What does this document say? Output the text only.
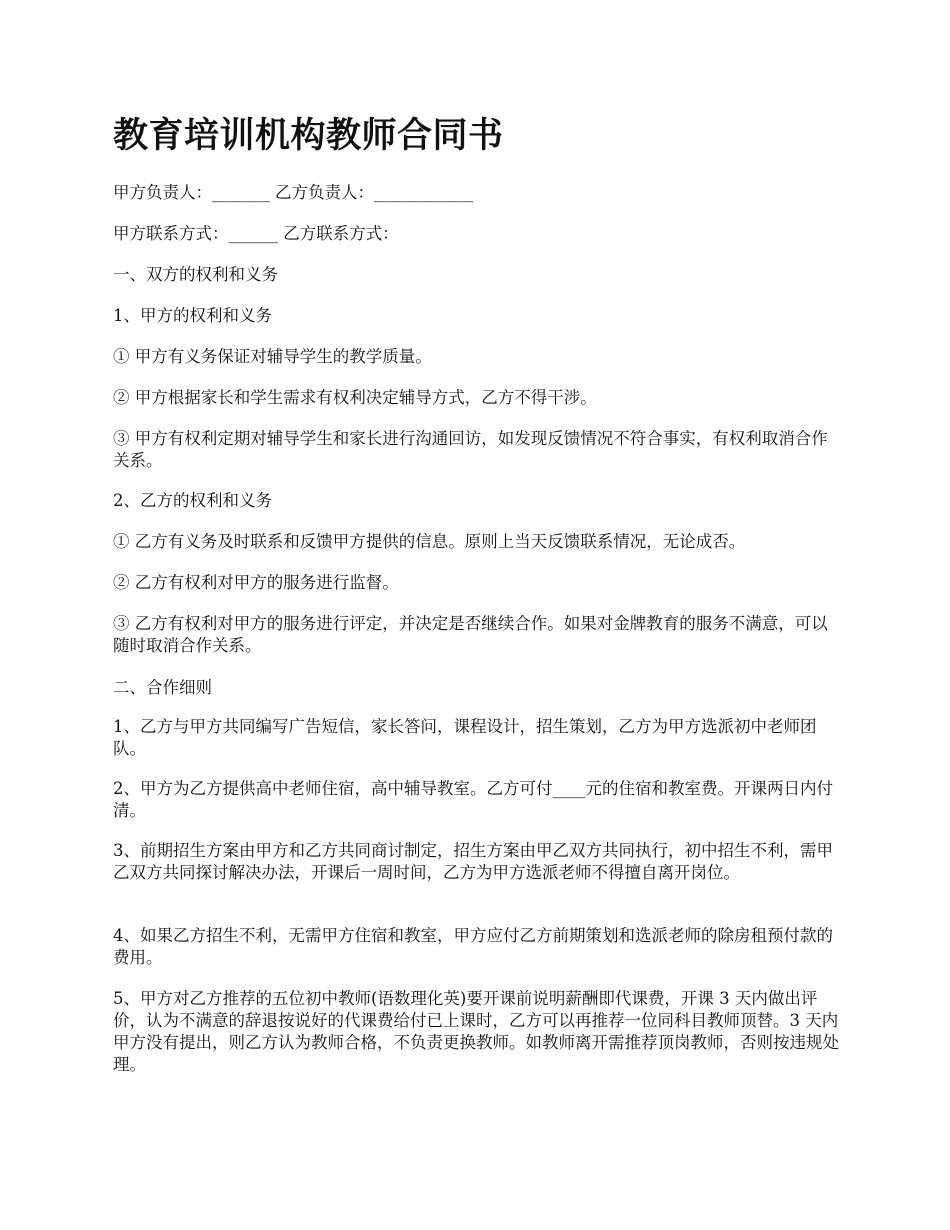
教育培训机构教师合同书

甲方负责人：_______ 乙方负责人：____________

甲方联系方式：______ 乙方联系方式：

一、双方的权利和义务

1、甲方的权利和义务

① 甲方有义务保证对辅导学生的教学质量。

② 甲方根据家长和学生需求有权利决定辅导方式，乙方不得干涉。

③ 甲方有权利定期对辅导学生和家长进行沟通回访，如发现反馈情况不符合事实，有权利取消合作关系。

2、乙方的权利和义务

① 乙方有义务及时联系和反馈甲方提供的信息。原则上当天反馈联系情况，无论成否。

② 乙方有权利对甲方的服务进行监督。

③ 乙方有权利对甲方的服务进行评定，并决定是否继续合作。如果对金牌教育的服务不满意，可以随时取消合作关系。

二、合作细则

1、乙方与甲方共同编写广告短信，家长答问，课程设计，招生策划，乙方为甲方选派初中老师团队。

2、甲方为乙方提供高中老师住宿，高中辅导教室。乙方可付____元的住宿和教室费。开课两日内付清。

3、前期招生方案由甲方和乙方共同商讨制定，招生方案由甲乙双方共同执行，初中招生不利，需甲乙双方共同探讨解决办法，开课后一周时间，乙方为甲方选派老师不得擅自离开岗位。

4、如果乙方招生不利，无需甲方住宿和教室，甲方应付乙方前期策划和选派老师的除房租预付款的费用。

5、甲方对乙方推荐的五位初中教师(语数理化英)要开课前说明薪酬即代课费，开课 3 天内做出评价，认为不满意的辞退按说好的代课费给付已上课时，乙方可以再推荐一位同科目教师顶替。3 天内甲方没有提出，则乙方认为教师合格，不负责更换教师。如教师离开需推荐顶岗教师，否则按违规处理。
